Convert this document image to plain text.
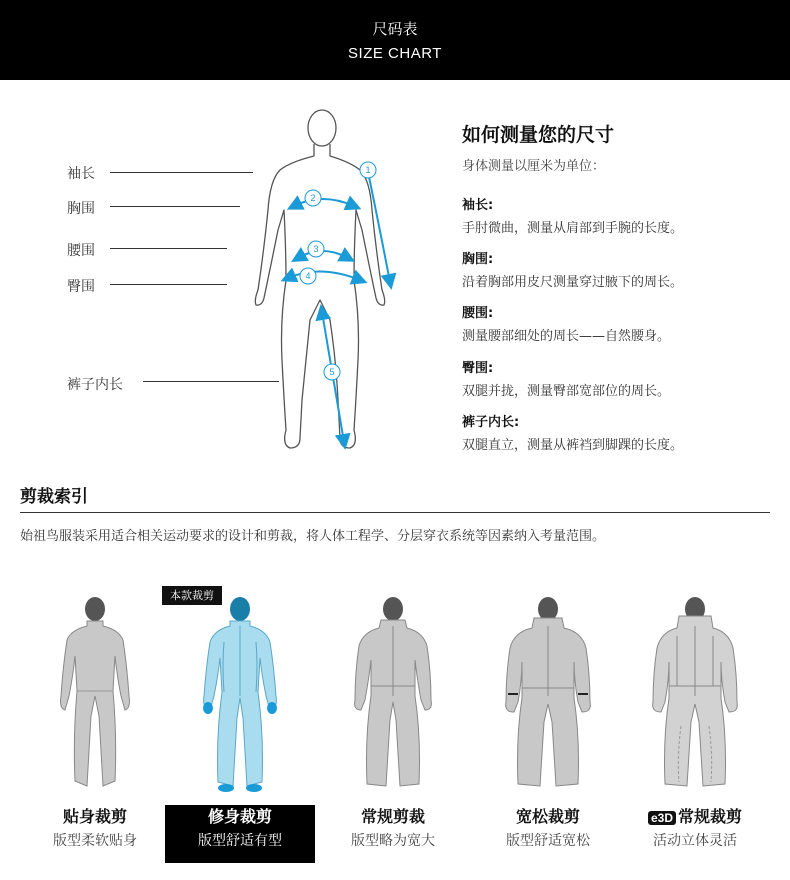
尺码表
SIZE CHART
袖长
胸围
腰围
臀围
裤子内长
1
2
3
4
5
如何测量您的尺寸
身体测量以厘米为单位：
袖长:
手肘微曲，测量从肩部到手腕的长度。
胸围:
沿着胸部用皮尺测量穿过腋下的周长。
腰围:
测量腰部细处的周长——自然腰身。
臀围:
双腿并拢，测量臀部宽部位的周长。
裤子内长:
双腿直立，测量从裤裆到脚踝的长度。
剪裁索引
始祖鸟服装采用适合相关运动要求的设计和剪裁，将人体工程学、分层穿衣系统等因素纳入考量范围。
本款裁剪
贴身裁剪
版型柔软贴身
修身裁剪
版型舒适有型
常规剪裁
版型略为宽大
宽松裁剪
版型舒适宽松
e3D 常规裁剪
活动立体灵活
